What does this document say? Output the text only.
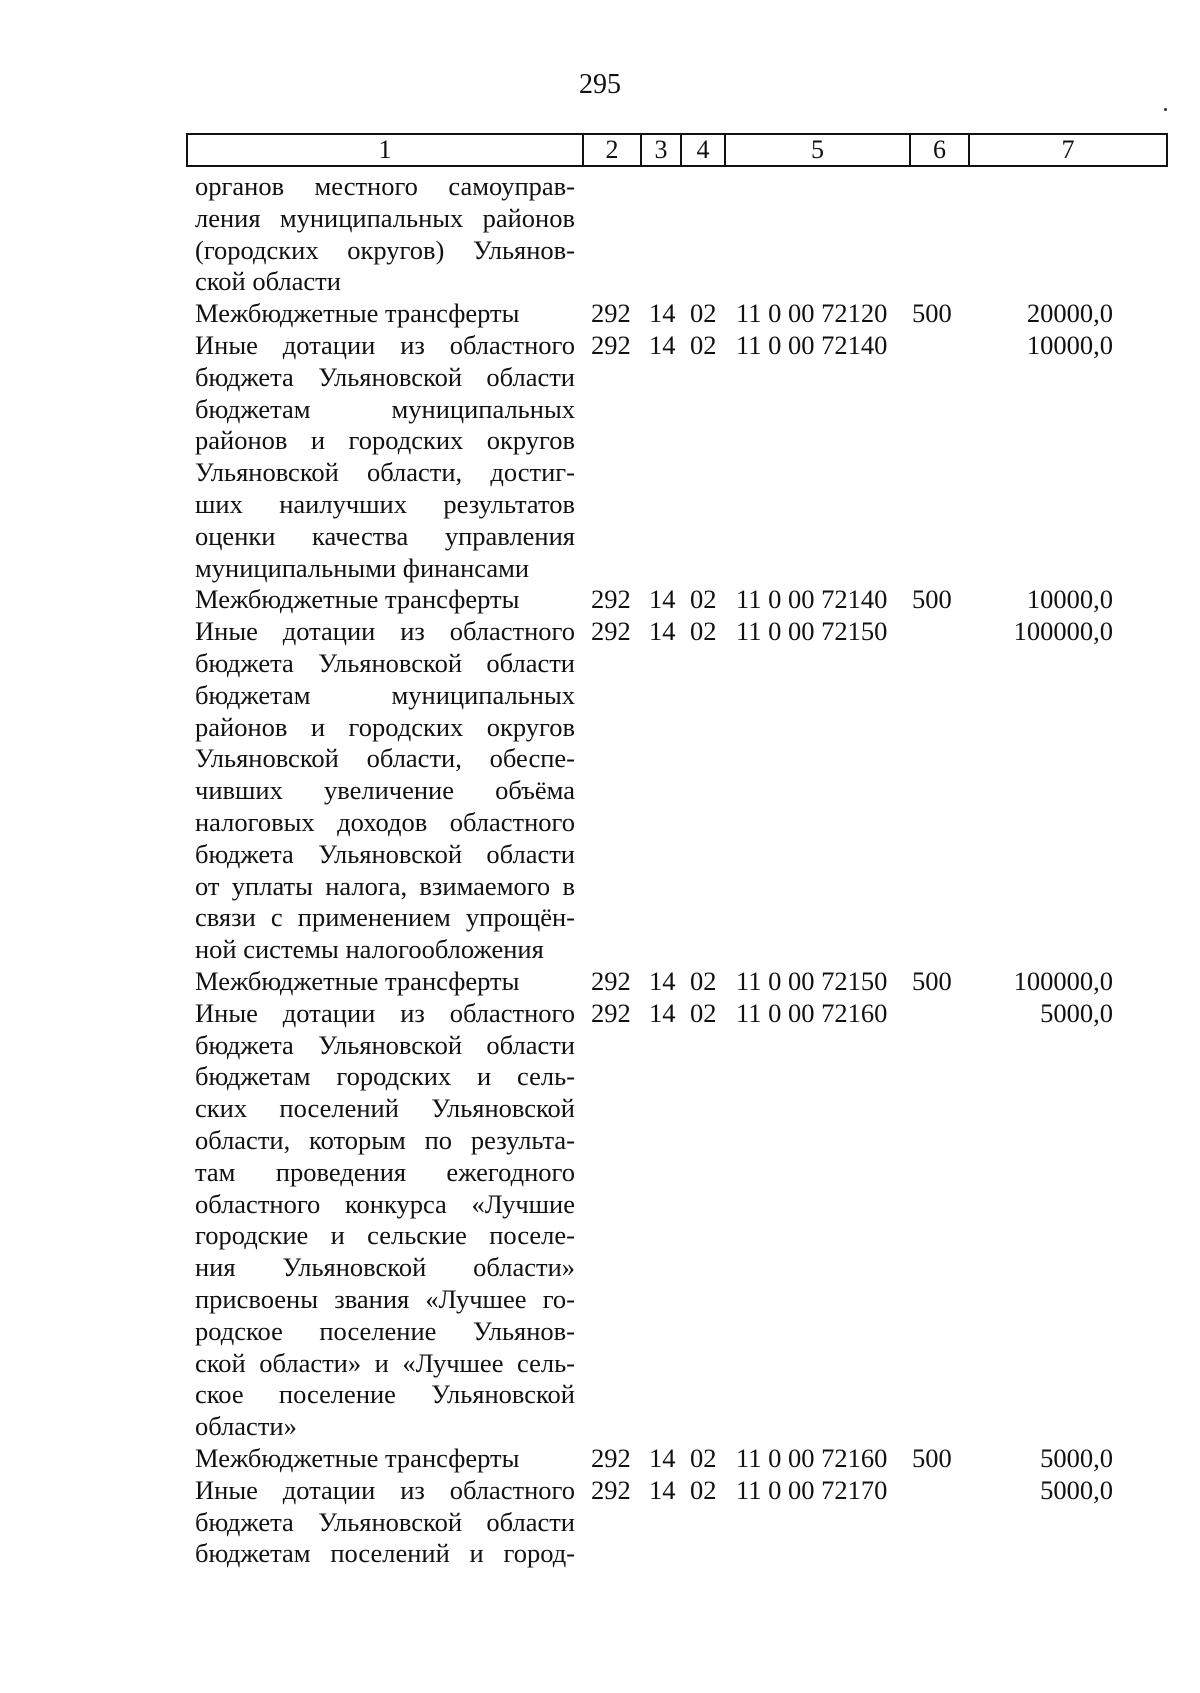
295
1	2	3	4	5	6	7
органов местного самоуправ-
ления муниципальных районов
(городских округов) Ульянов-
ской области
Межбюджетные трансферты	292 14 02 11 0 00 72120 500	20000,0
Иные дотации из областного
бюджета Ульяновской области
бюджетам муниципальных
районов и городских округов
Ульяновской области, достиг-
ших наилучших результатов
оценки качества управления
муниципальными финансами
292 14 02 11 0 00 72140	10000,0
Межбюджетные трансферты	292 14 02 11 0 00 72140 500	10000,0
Иные дотации из областного
бюджета Ульяновской области
бюджетам муниципальных
районов и городских округов
Ульяновской области, обеспе-
чивших увеличение объёма
налоговых доходов областного
бюджета Ульяновской области
от уплаты налога, взимаемого в
связи с применением упрощён-
ной системы налогообложения
292 14 02 11 0 00 72150	100000,0
Межбюджетные трансферты	292 14 02 11 0 00 72150 500	100000,0
Иные дотации из областного
бюджета Ульяновской области
бюджетам городских и сель-
ских поселений Ульяновской
области, которым по результа-
там проведения ежегодного
областного конкурса «Лучшие
городские и сельские поселе-
ния Ульяновской области»
присвоены звания «Лучшее го-
родское поселение Ульянов-
ской области» и «Лучшее сель-
ское поселение Ульяновской
области»
292 14 02 11 0 00 72160	5000,0
Межбюджетные трансферты	292 14 02 11 0 00 72160 500	5000,0
Иные дотации из областного
бюджета Ульяновской области
бюджетам поселений и город-
292 14 02 11 0 00 72170	5000,0
